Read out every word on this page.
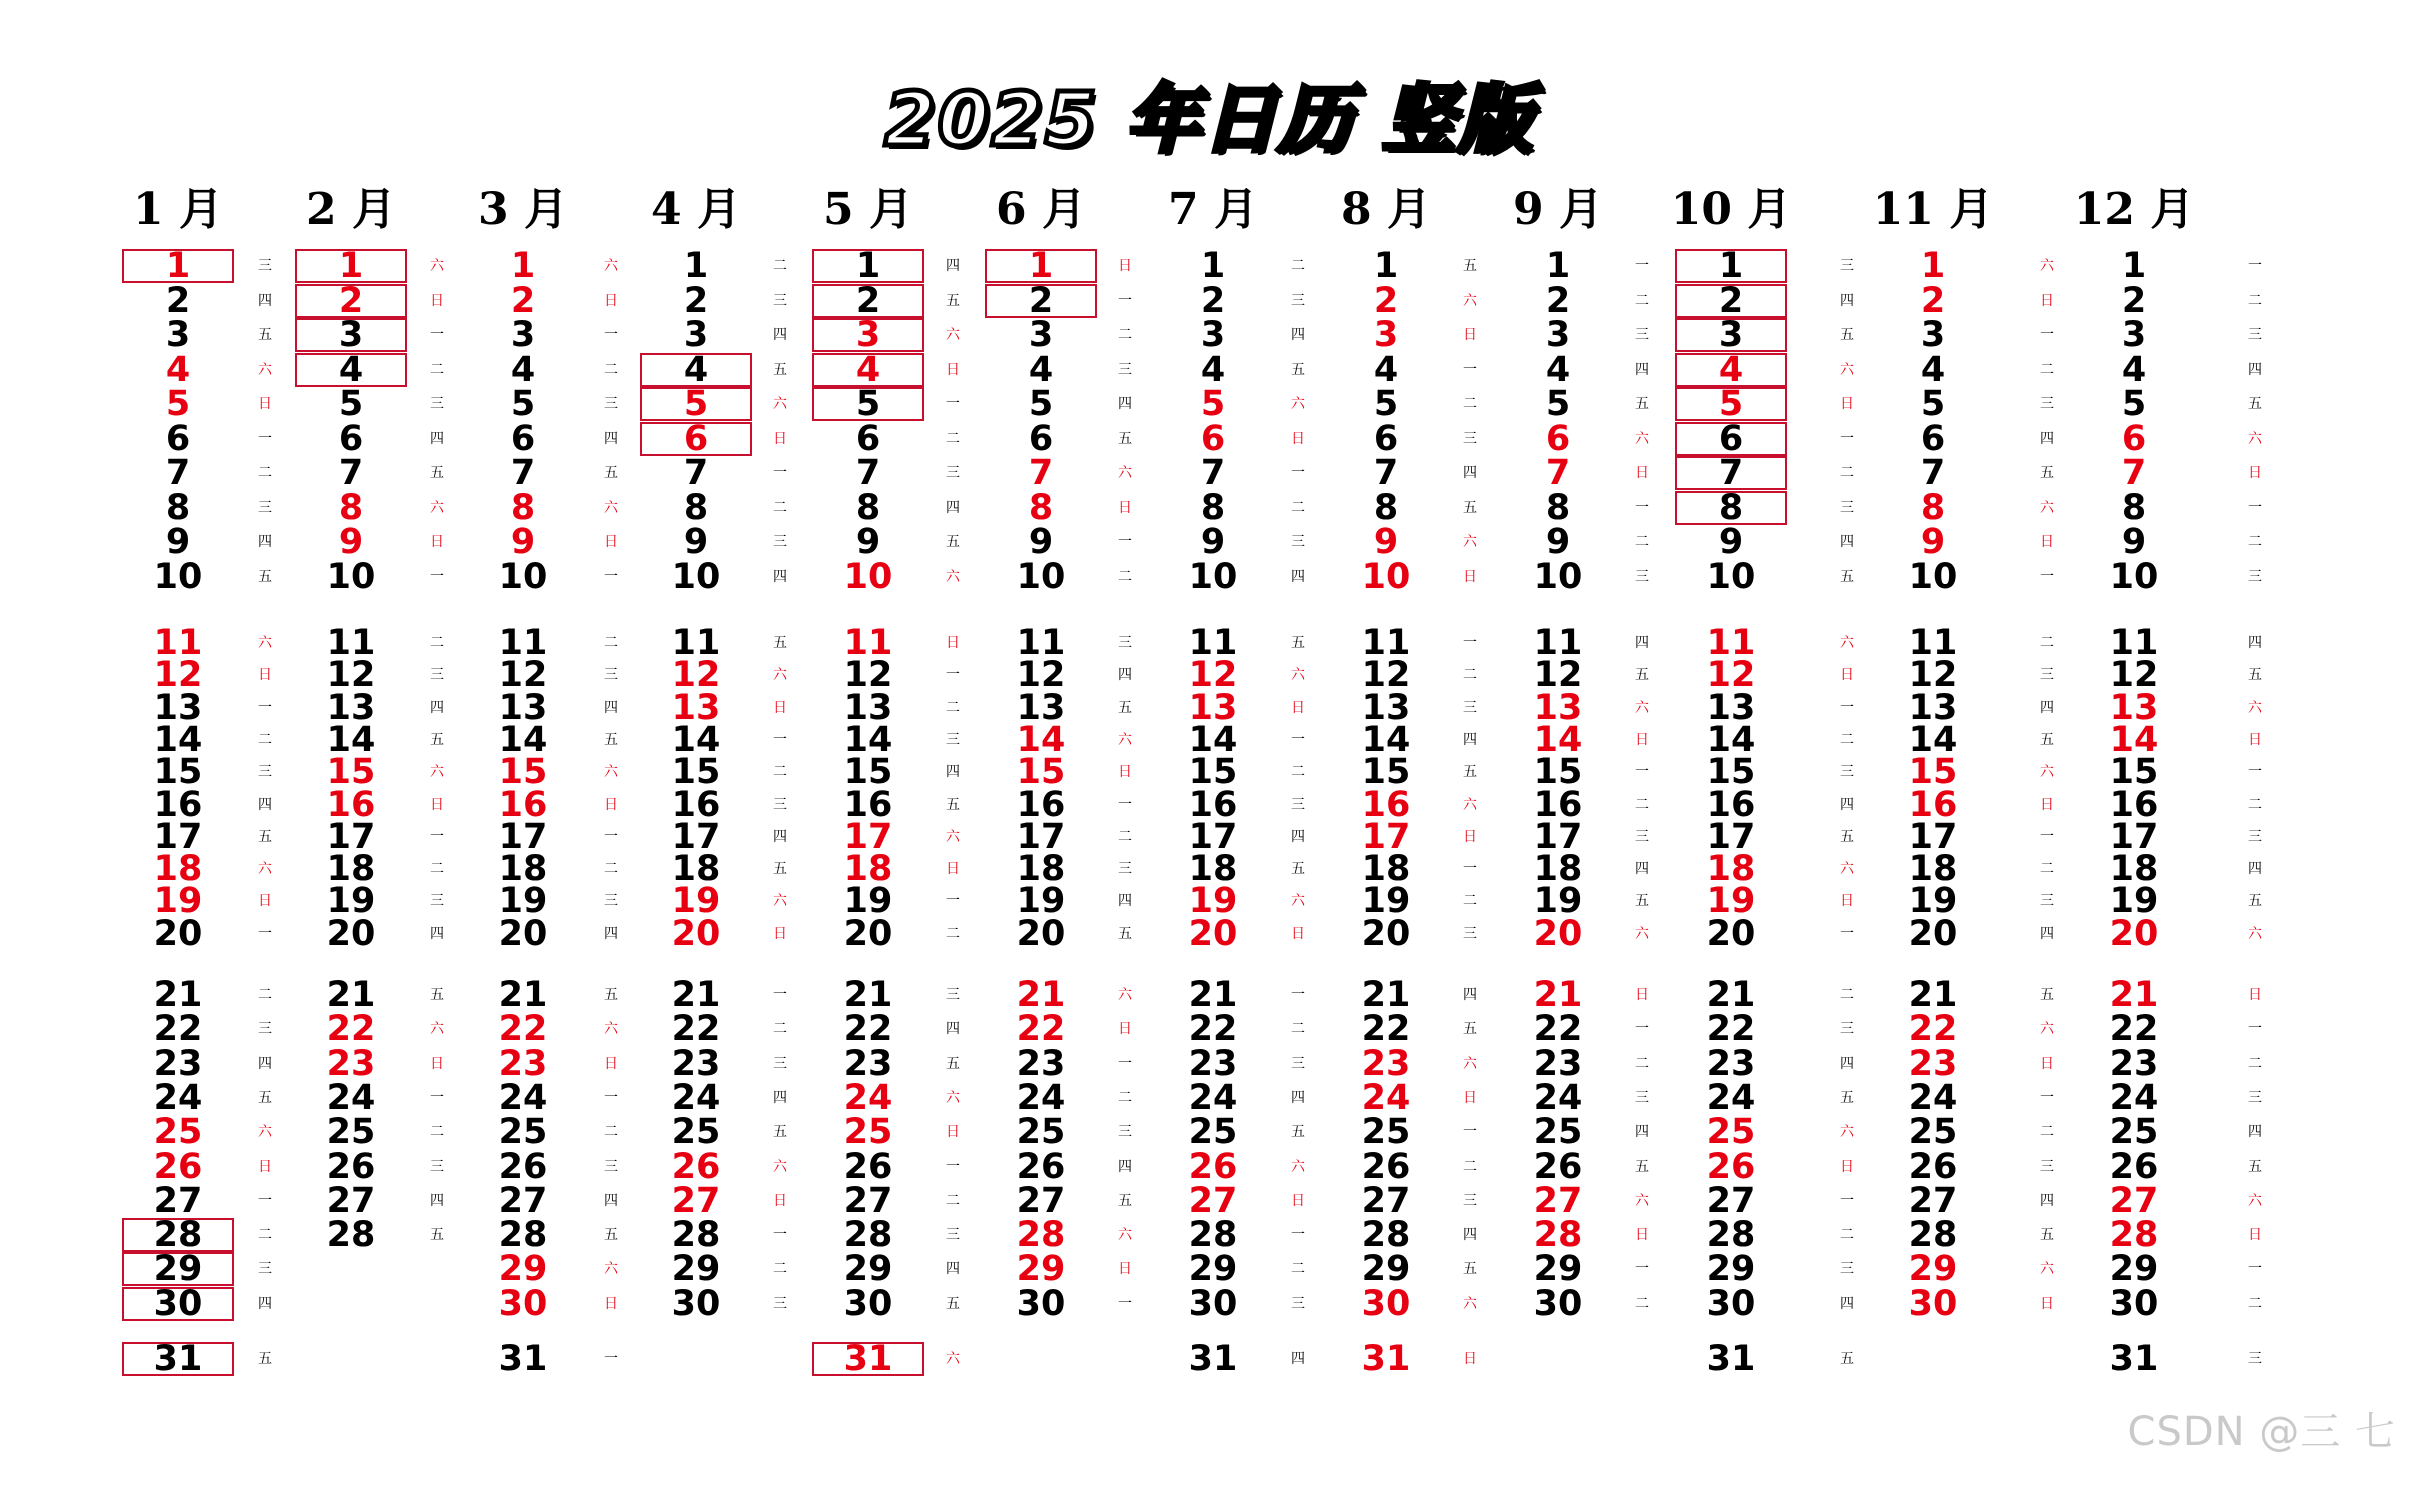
2025 年日历 竖版
1 月
1	三
2	四
3	五
4	六
5	日
6	一
7	二
8	三
9	四
10	五
11	六
12	日
13	一
14	二
15	三
16	四
17	五
18	六
19	日
20	一
21	二
22	三
23	四
24	五
25	六
26	日
27	一
28	二
29	三
30	四
31	五
2 月
1	六
2	日
3	一
4	二
5	三
6	四
7	五
8	六
9	日
10	一
11	二
12	三
13	四
14	五
15	六
16	日
17	一
18	二
19	三
20	四
21	五
22	六
23	日
24	一
25	二
26	三
27	四
28	五
3 月
1	六
2	日
3	一
4	二
5	三
6	四
7	五
8	六
9	日
10	一
11	二
12	三
13	四
14	五
15	六
16	日
17	一
18	二
19	三
20	四
21	五
22	六
23	日
24	一
25	二
26	三
27	四
28	五
29	六
30	日
31	一
4 月
1	二
2	三
3	四
4	五
5	六
6	日
7	一
8	二
9	三
10	四
11	五
12	六
13	日
14	一
15	二
16	三
17	四
18	五
19	六
20	日
21	一
22	二
23	三
24	四
25	五
26	六
27	日
28	一
29	二
30	三
5 月
1	四
2	五
3	六
4	日
5	一
6	二
7	三
8	四
9	五
10	六
11	日
12	一
13	二
14	三
15	四
16	五
17	六
18	日
19	一
20	二
21	三
22	四
23	五
24	六
25	日
26	一
27	二
28	三
29	四
30	五
31	六
6 月
1	日
2	一
3	二
4	三
5	四
6	五
7	六
8	日
9	一
10	二
11	三
12	四
13	五
14	六
15	日
16	一
17	二
18	三
19	四
20	五
21	六
22	日
23	一
24	二
25	三
26	四
27	五
28	六
29	日
30	一
7 月
1	二
2	三
3	四
4	五
5	六
6	日
7	一
8	二
9	三
10	四
11	五
12	六
13	日
14	一
15	二
16	三
17	四
18	五
19	六
20	日
21	一
22	二
23	三
24	四
25	五
26	六
27	日
28	一
29	二
30	三
31	四
8 月
1	五
2	六
3	日
4	一
5	二
6	三
7	四
8	五
9	六
10	日
11	一
12	二
13	三
14	四
15	五
16	六
17	日
18	一
19	二
20	三
21	四
22	五
23	六
24	日
25	一
26	二
27	三
28	四
29	五
30	六
31	日
9 月
1	一
2	二
3	三
4	四
5	五
6	六
7	日
8	一
9	二
10	三
11	四
12	五
13	六
14	日
15	一
16	二
17	三
18	四
19	五
20	六
21	日
22	一
23	二
24	三
25	四
26	五
27	六
28	日
29	一
30	二
10 月
1	三
2	四
3	五
4	六
5	日
6	一
7	二
8	三
9	四
10	五
11	六
12	日
13	一
14	二
15	三
16	四
17	五
18	六
19	日
20	一
21	二
22	三
23	四
24	五
25	六
26	日
27	一
28	二
29	三
30	四
31	五
11 月
1	六
2	日
3	一
4	二
5	三
6	四
7	五
8	六
9	日
10	一
11	二
12	三
13	四
14	五
15	六
16	日
17	一
18	二
19	三
20	四
21	五
22	六
23	日
24	一
25	二
26	三
27	四
28	五
29	六
30	日
12 月
1	一
2	二
3	三
4	四
5	五
6	六
7	日
8	一
9	二
10	三
11	四
12	五
13	六
14	日
15	一
16	二
17	三
18	四
19	五
20	六
21	日
22	一
23	二
24	三
25	四
26	五
27	六
28	日
29	一
30	二
31	三
CSDN @三 七
